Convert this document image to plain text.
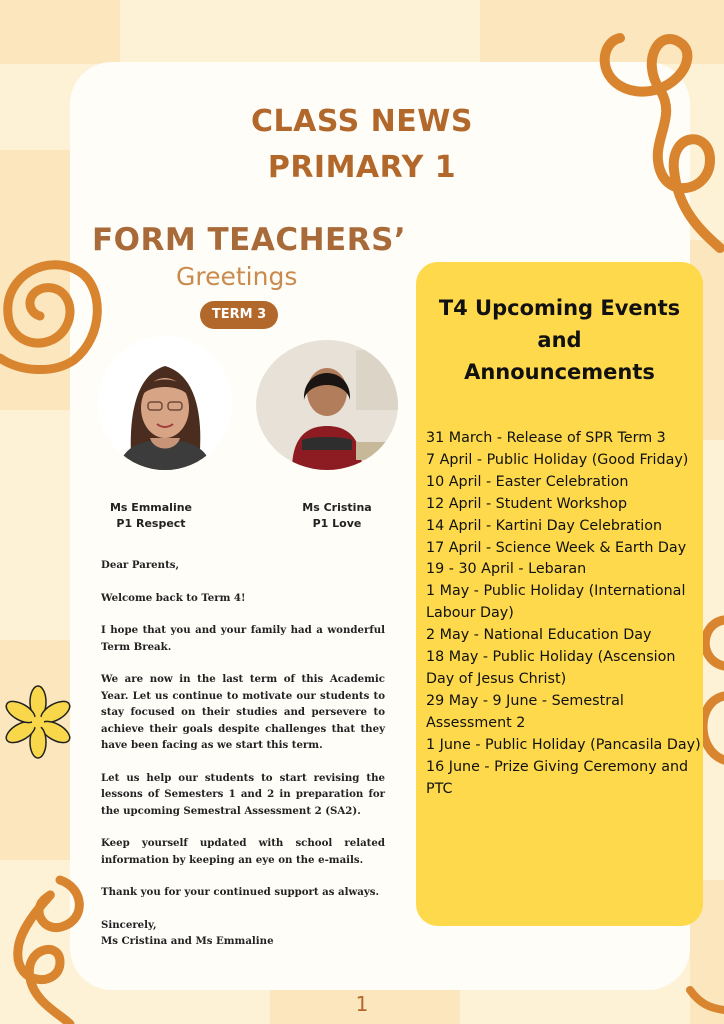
CLASS NEWS
PRIMARY 1
FORM TEACHERS’
Greetings
TERM 3
Ms Emmaline
P1 Respect
Ms Cristina
P1 Love

Dear Parents,

Welcome back to Term 4!

I hope that you and your family had a wonderful Term Break.

We are now in the last term of this Academic Year. Let us continue to motivate our students to stay focused on their studies and persevere to achieve their goals despite challenges that they have been facing as we start this term.

Let us help our students to start revising the lessons of Semesters 1 and 2 in preparation for the upcoming Semestral Assessment 2 (SA2).

Keep yourself updated with school related information by keeping an eye on the e-mails.

Thank you for your continued support as always.

Sincerely,
Ms Cristina and Ms Emmaline
T4 Upcoming Events
and
Announcements
31 March - Release of SPR Term 3
7 April - Public Holiday (Good Friday)
10 April - Easter Celebration
12 April - Student Workshop
14 April - Kartini Day Celebration
17 April - Science Week & Earth Day
19 - 30 April - Lebaran
1 May - Public Holiday (International Labour Day)
2 May - National Education Day
18 May - Public Holiday (Ascension Day of Jesus Christ)
29 May - 9 June - Semestral Assessment 2
1 June - Public Holiday (Pancasila Day)
16 June - Prize Giving Ceremony and PTC
1
